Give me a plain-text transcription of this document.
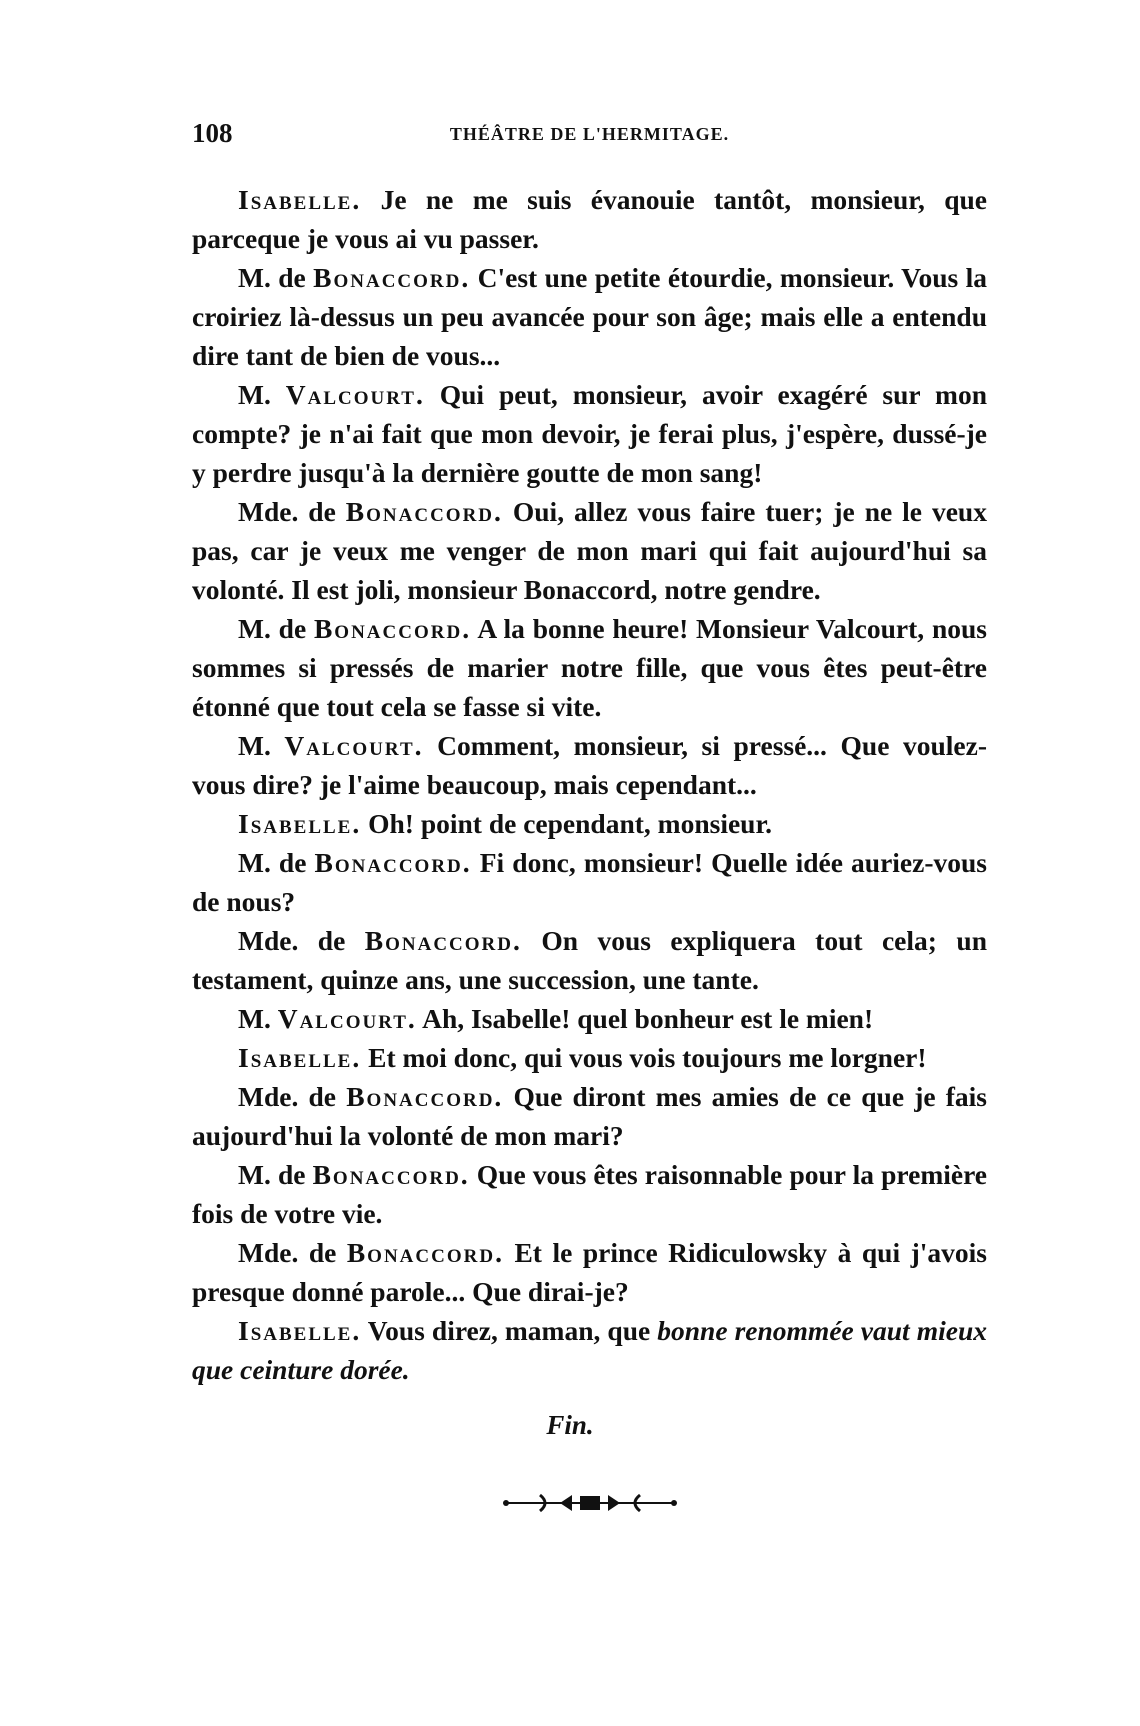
108	THÉÂTRE DE L'HERMITAGE.

Isabelle. Je ne me suis évanouie tantôt, monsieur, que parceque je vous ai vu passer.

M. de Bonaccord. C'est une petite étourdie, monsieur. Vous la croiriez là-dessus un peu avancée pour son âge; mais elle a entendu dire tant de bien de vous...

M. Valcourt. Qui peut, monsieur, avoir exagéré sur mon compte? je n'ai fait que mon devoir, je ferai plus, j'espère, dussé-je y perdre jusqu'à la dernière goutte de mon sang!

Mde. de Bonaccord. Oui, allez vous faire tuer; je ne le veux pas, car je veux me venger de mon mari qui fait aujourd'hui sa volonté. Il est joli, monsieur Bonaccord, notre gendre.

M. de Bonaccord. A la bonne heure! Monsieur Valcourt, nous sommes si pressés de marier notre fille, que vous êtes peut-être étonné que tout cela se fasse si vite.

M. Valcourt. Comment, monsieur, si pressé... Que voulez-vous dire? je l'aime beaucoup, mais cependant...

Isabelle. Oh! point de cependant, monsieur.

M. de Bonaccord. Fi donc, monsieur! Quelle idée auriez-vous de nous?

Mde. de Bonaccord. On vous expliquera tout cela; un testament, quinze ans, une succession, une tante.

M. Valcourt. Ah, Isabelle! quel bonheur est le mien!

Isabelle. Et moi donc, qui vous vois toujours me lorgner!

Mde. de Bonaccord. Que diront mes amies de ce que je fais aujourd'hui la volonté de mon mari?

M. de Bonaccord. Que vous êtes raisonnable pour la première fois de votre vie.

Mde. de Bonaccord. Et le prince Ridiculowsky à qui j'avois presque donné parole... Que dirai-je?

Isabelle. Vous direz, maman, que bonne renommée vaut mieux que ceinture dorée.

Fin.
